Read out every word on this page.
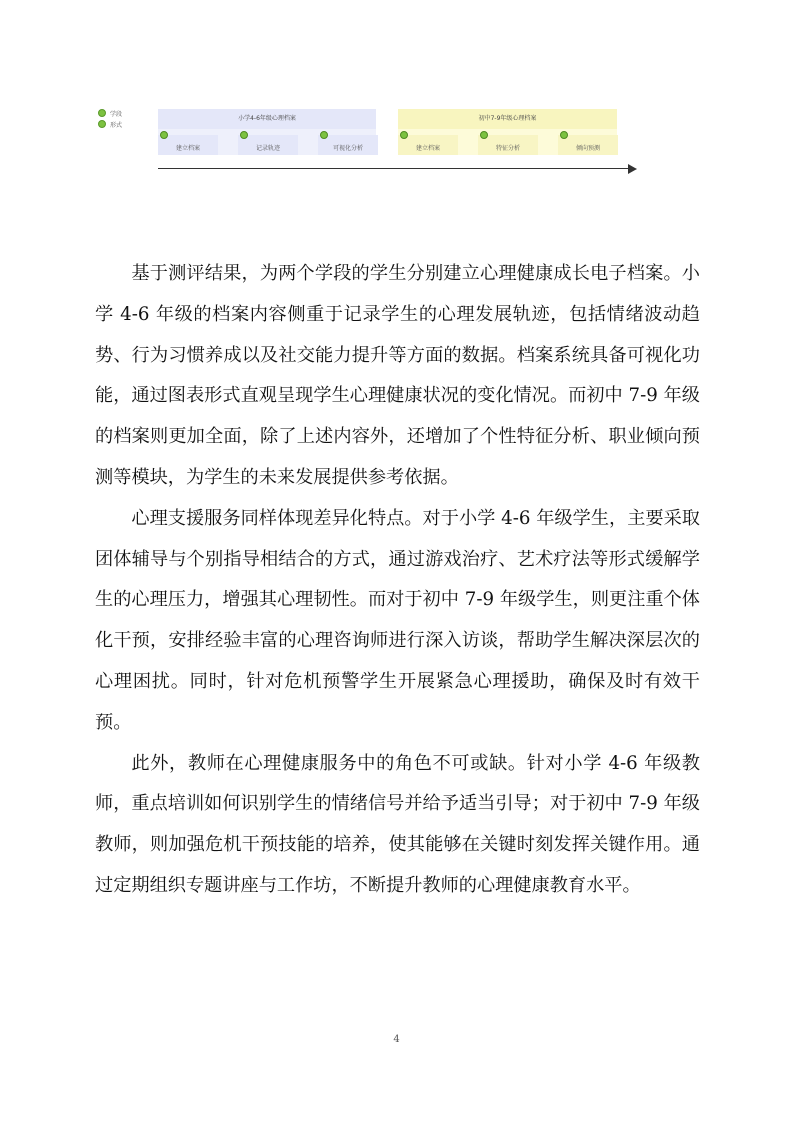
学段
形式
小学4-6年级心理档案
建立档案	记录轨迹	可视化分析
初中7-9年级心理档案
建立档案	特征分析	倾向预测

基于测评结果，为两个学段的学生分别建立心理健康成长电子档案。小学 4-6 年级的档案内容侧重于记录学生的心理发展轨迹，包括情绪波动趋势、行为习惯养成以及社交能力提升等方面的数据。档案系统具备可视化功能，通过图表形式直观呈现学生心理健康状况的变化情况。而初中 7-9 年级的档案则更加全面，除了上述内容外，还增加了个性特征分析、职业倾向预测等模块，为学生的未来发展提供参考依据。

心理支援服务同样体现差异化特点。对于小学 4-6 年级学生，主要采取团体辅导与个别指导相结合的方式，通过游戏治疗、艺术疗法等形式缓解学生的心理压力，增强其心理韧性。而对于初中 7-9 年级学生，则更注重个体化干预，安排经验丰富的心理咨询师进行深入访谈，帮助学生解决深层次的心理困扰。同时，针对危机预警学生开展紧急心理援助，确保及时有效干预。

此外，教师在心理健康服务中的角色不可或缺。针对小学 4-6 年级教师，重点培训如何识别学生的情绪信号并给予适当引导；对于初中 7-9 年级教师，则加强危机干预技能的培养，使其能够在关键时刻发挥关键作用。通过定期组织专题讲座与工作坊，不断提升教师的心理健康教育水平。

4
